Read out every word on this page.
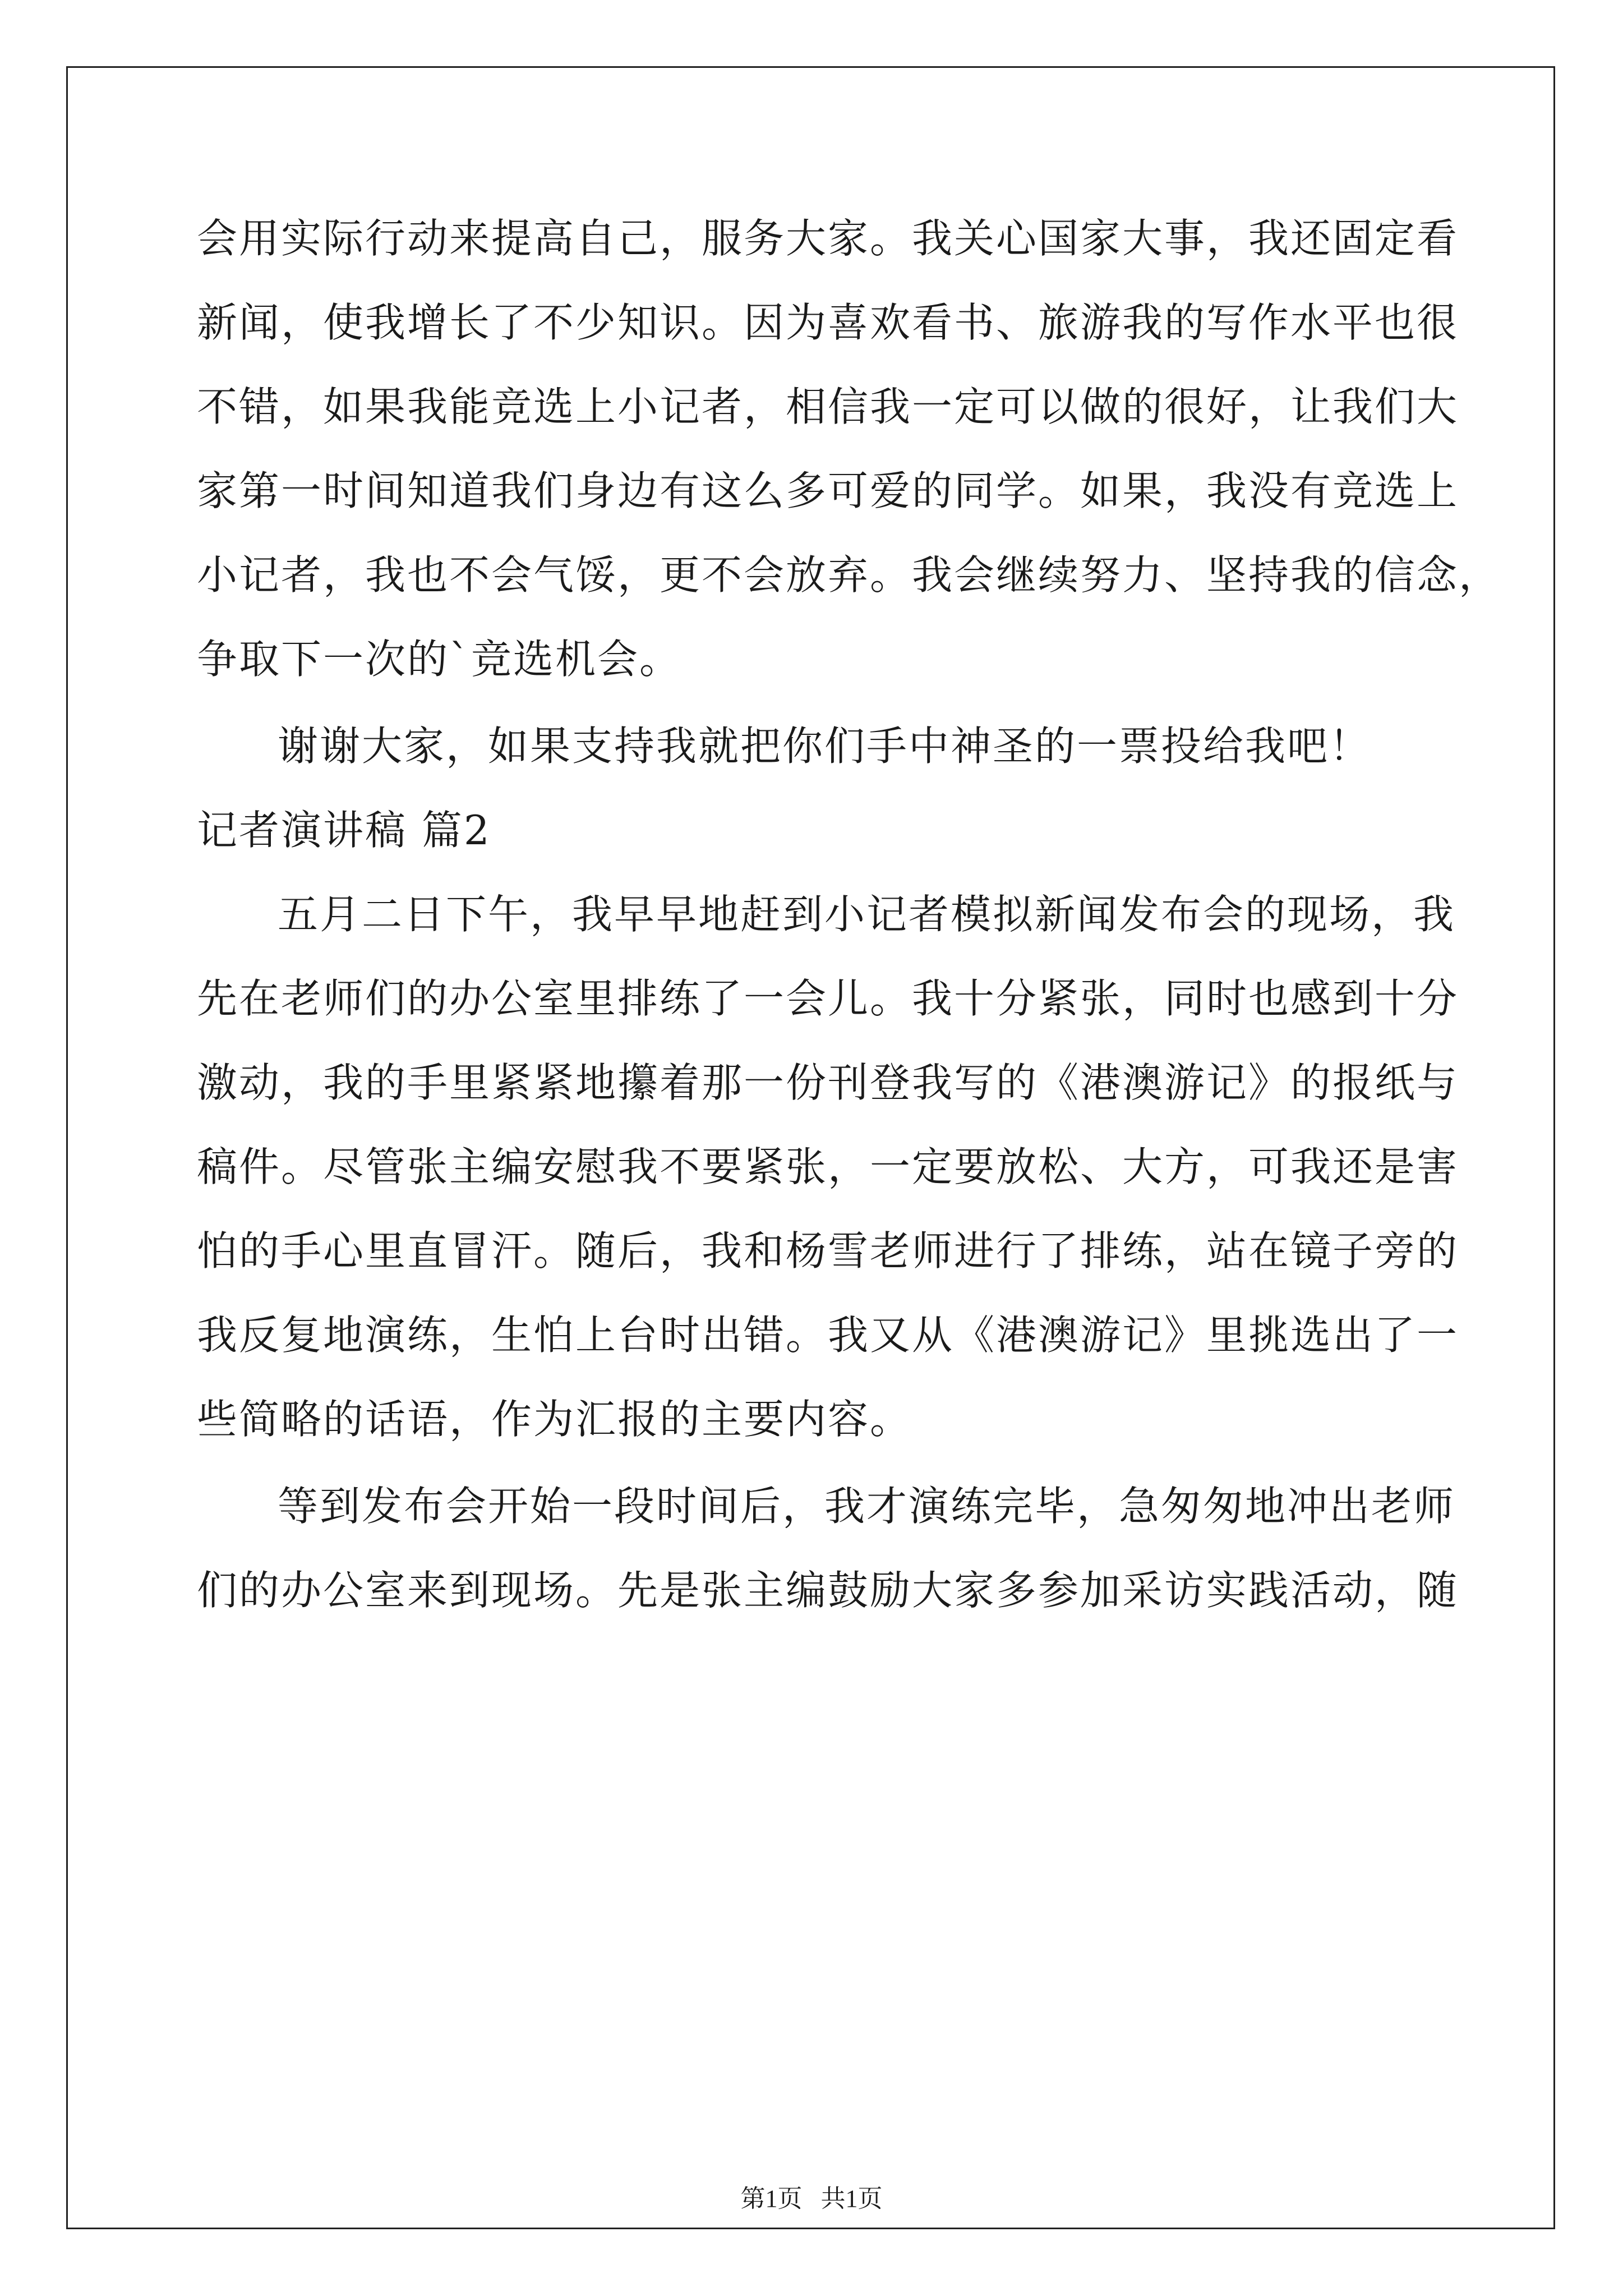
会用实际行动来提高自己，服务大家。我关心国家大事，我还固定看
新闻，使我增长了不少知识。因为喜欢看书、旅游我的写作水平也很
不错，如果我能竞选上小记者，相信我一定可以做的很好，让我们大
家第一时间知道我们身边有这么多可爱的同学。如果，我没有竞选上
小记者，我也不会气馁，更不会放弃。我会继续努力、坚持我的信念，
争取下一次的`竞选机会。
谢谢大家，如果支持我就把你们手中神圣的一票投给我吧！
记者演讲稿 篇2
五月二日下午，我早早地赶到小记者模拟新闻发布会的现场，我
先在老师们的办公室里排练了一会儿。我十分紧张，同时也感到十分
激动，我的手里紧紧地攥着那一份刊登我写的《港澳游记》的报纸与
稿件。尽管张主编安慰我不要紧张，一定要放松、大方，可我还是害
怕的手心里直冒汗。随后，我和杨雪老师进行了排练，站在镜子旁的
我反复地演练，生怕上台时出错。我又从《港澳游记》里挑选出了一
些简略的话语，作为汇报的主要内容。
等到发布会开始一段时间后，我才演练完毕，急匆匆地冲出老师
们的办公室来到现场。先是张主编鼓励大家多参加采访实践活动，随
第1页   共1页
